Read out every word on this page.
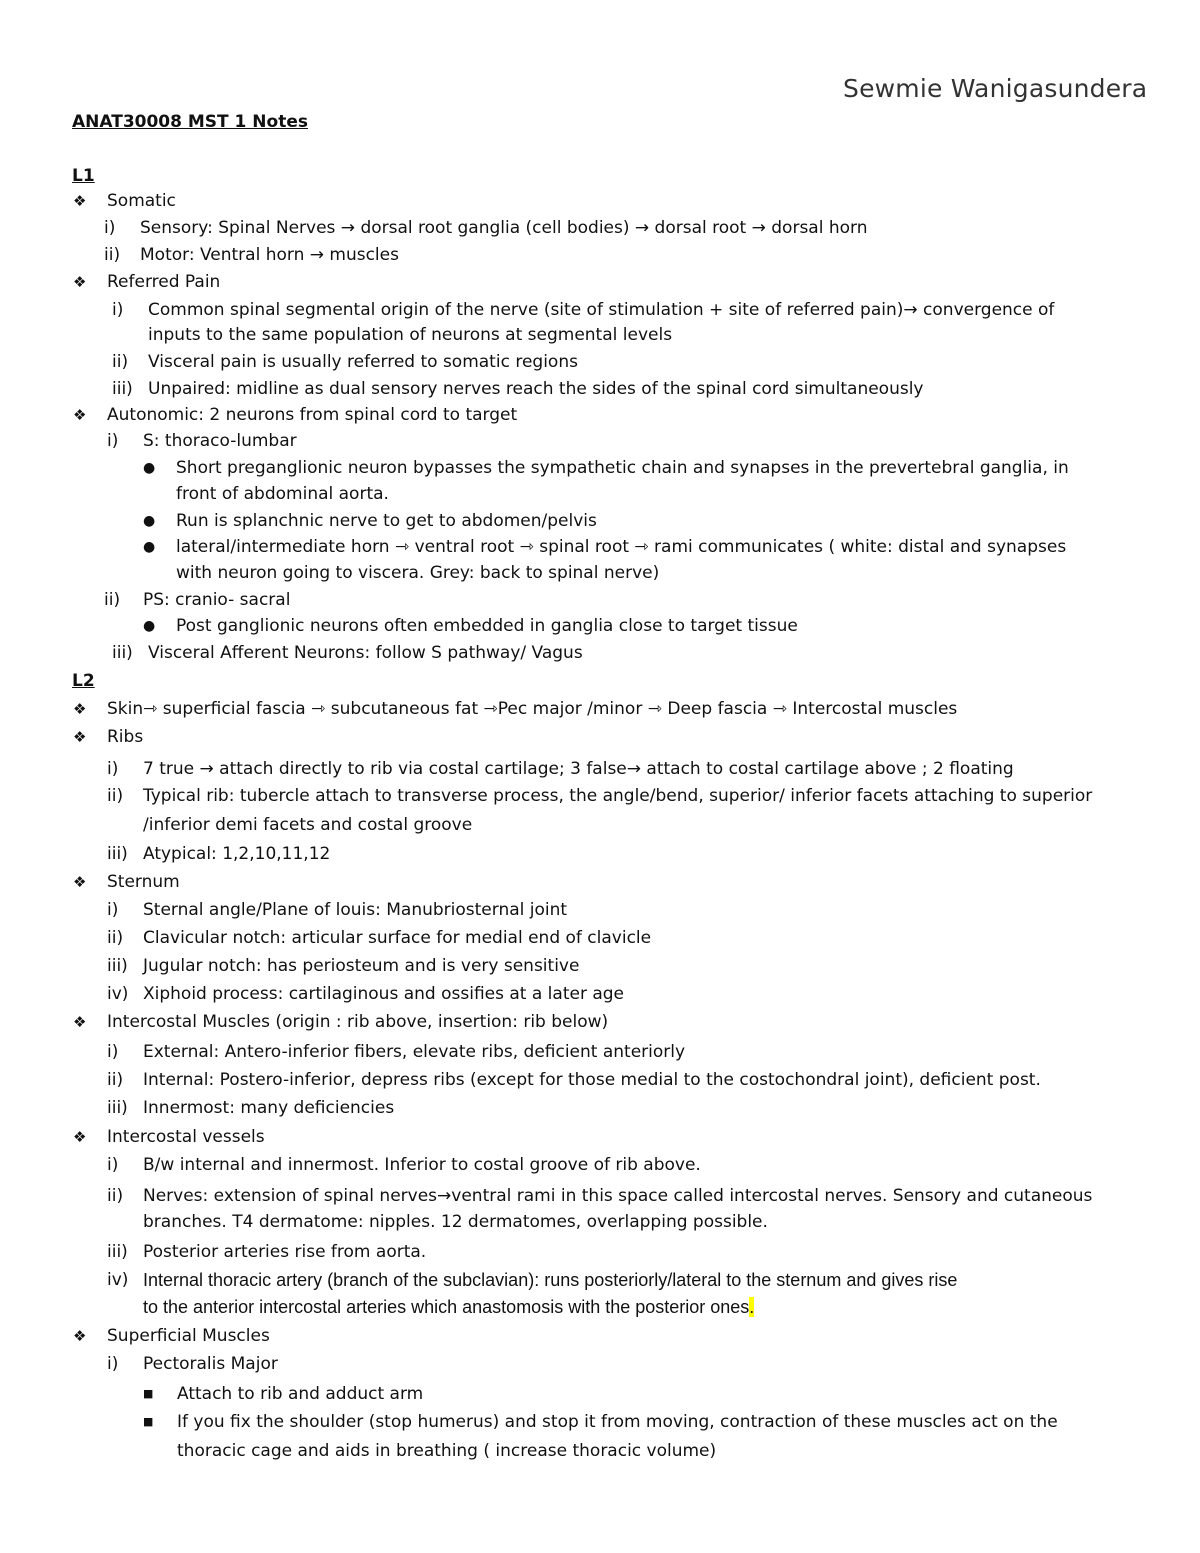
Sewmie Wanigasundera
ANAT30008 MST 1 Notes
L1
❖ Somatic
i) Sensory: Spinal Nerves → dorsal root ganglia (cell bodies) → dorsal root → dorsal horn
ii) Motor: Ventral horn → muscles
❖ Referred Pain
i) Common spinal segmental origin of the nerve (site of stimulation + site of referred pain)→ convergence of
inputs to the same population of neurons at segmental levels
ii) Visceral pain is usually referred to somatic regions
iii) Unpaired: midline as dual sensory nerves reach the sides of the spinal cord simultaneously
❖ Autonomic: 2 neurons from spinal cord to target
i) S: thoraco-lumbar
● Short preganglionic neuron bypasses the sympathetic chain and synapses in the prevertebral ganglia, in
front of abdominal aorta.
● Run is splanchnic nerve to get to abdomen/pelvis
● lateral/intermediate horn ⇾ ventral root ⇾ spinal root ⇾ rami communicates ( white: distal and synapses
with neuron going to viscera. Grey: back to spinal nerve)
ii) PS: cranio- sacral
● Post ganglionic neurons often embedded in ganglia close to target tissue
iii) Visceral Afferent Neurons: follow S pathway/ Vagus
L2
❖ Skin⇾ superficial fascia ⇾ subcutaneous fat ⇾Pec major /minor ⇾ Deep fascia ⇾ Intercostal muscles
❖ Ribs
i) 7 true → attach directly to rib via costal cartilage; 3 false→ attach to costal cartilage above ; 2 floating
ii) Typical rib: tubercle attach to transverse process, the angle/bend, superior/ inferior facets attaching to superior
/inferior demi facets and costal groove
iii) Atypical: 1,2,10,11,12
❖ Sternum
i) Sternal angle/Plane of louis: Manubriosternal joint
ii) Clavicular notch: articular surface for medial end of clavicle
iii) Jugular notch: has periosteum and is very sensitive
iv) Xiphoid process: cartilaginous and ossifies at a later age
❖ Intercostal Muscles (origin : rib above, insertion: rib below)
i) External: Antero-inferior fibers, elevate ribs, deficient anteriorly
ii) Internal: Postero-inferior, depress ribs (except for those medial to the costochondral joint), deficient post.
iii) Innermost: many deficiencies
❖ Intercostal vessels
i) B/w internal and innermost. Inferior to costal groove of rib above.
ii) Nerves: extension of spinal nerves→ventral rami in this space called intercostal nerves. Sensory and cutaneous
branches. T4 dermatome: nipples. 12 dermatomes, overlapping possible.
iii) Posterior arteries rise from aorta.
iv) Internal thoracic artery (branch of the subclavian): runs posteriorly/lateral to the sternum and gives rise
to the anterior intercostal arteries which anastomosis with the posterior ones.
❖ Superficial Muscles
i) Pectoralis Major
■ Attach to rib and adduct arm
■ If you fix the shoulder (stop humerus) and stop it from moving, contraction of these muscles act on the
thoracic cage and aids in breathing ( increase thoracic volume)
